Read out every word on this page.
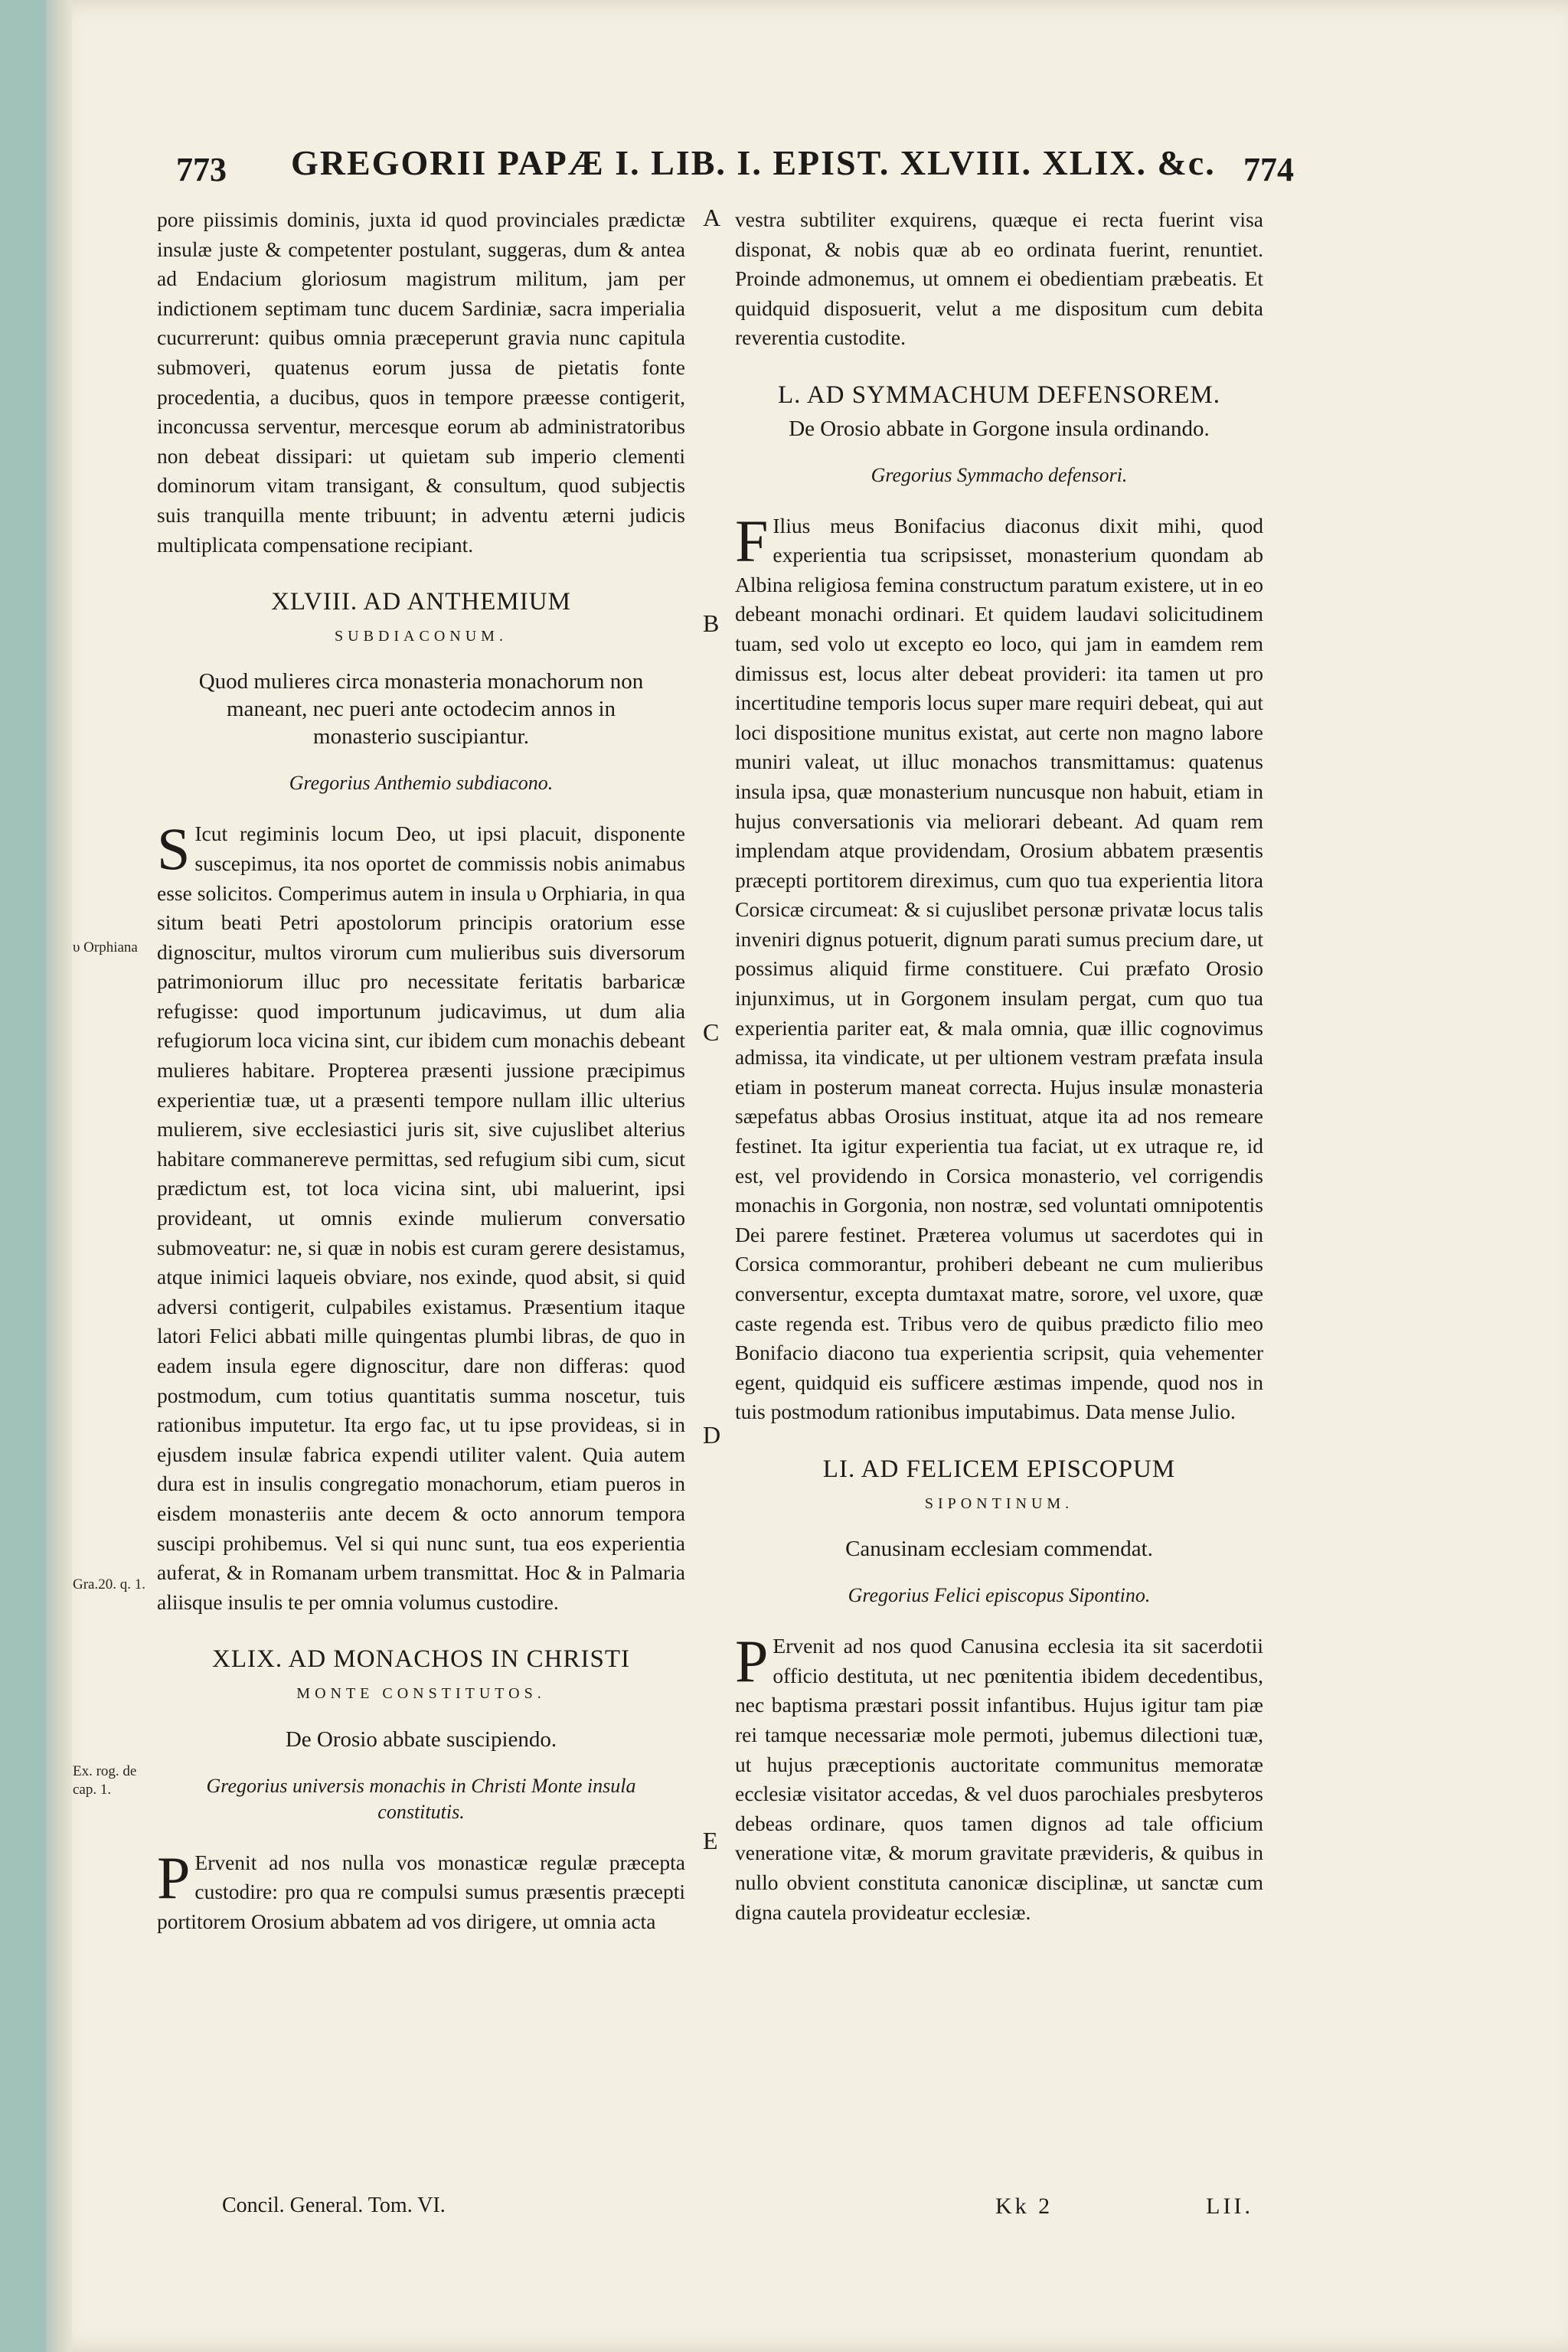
773 GREGORII PAPÆ I. LIB. I. EPIST. XLVIII. XLIX. &c. 774
υ Orphiana
Gra.20. q. 1.
Ex. rog. de cap. 1.
A
B
C
D
E

pore piissimis dominis, juxta id quod provinciales prædictæ insulæ juste & competenter postulant, suggeras, dum & antea ad Endacium gloriosum magistrum militum, jam per indictionem septimam tunc ducem Sardiniæ, sacra imperialia cucurrerunt: quibus omnia præceperunt gravia nunc capitula submoveri, quatenus eorum jussa de pietatis fonte procedentia, a ducibus, quos in tempore præesse contigerit, inconcussa serventur, mercesque eorum ab administratoribus non debeat dissipari: ut quietam sub imperio clementi dominorum vitam transigant, & consultum, quod subjectis suis tranquilla mente tribuunt; in adventu æterni judicis multiplicata compensatione recipiant.

XLVIII. AD ANTHEMIUM
SUBDIACONUM.
Quod mulieres circa monasteria monachorum non maneant, nec pueri ante octodecim annos in monasterio suscipiantur.
Gregorius Anthemio subdiacono.

S Icut regiminis locum Deo, ut ipsi placuit, disponente suscepimus, ita nos oportet de commissis nobis animabus esse solicitos. Comperimus autem in insula υ Orphiaria, in qua situm beati Petri apostolorum principis oratorium esse dignoscitur, multos virorum cum mulieribus suis diversorum patrimoniorum illuc pro necessitate feritatis barbaricæ refugisse: quod importunum judicavimus, ut dum alia refugiorum loca vicina sint, cur ibidem cum monachis debeant mulieres habitare. Propterea præsenti jussione præcipimus experientiæ tuæ, ut a præsenti tempore nullam illic ulterius mulierem, sive ecclesiastici juris sit, sive cujuslibet alterius habitare commanereve permittas, sed refugium sibi cum, sicut prædictum est, tot loca vicina sint, ubi maluerint, ipsi provideant, ut omnis exinde mulierum conversatio submoveatur: ne, si quæ in nobis est curam gerere desistamus, atque inimici laqueis obviare, nos exinde, quod absit, si quid adversi contigerit, culpabiles existamus. Præsentium itaque latori Felici abbati mille quingentas plumbi libras, de quo in eadem insula egere dignoscitur, dare non differas: quod postmodum, cum totius quantitatis summa noscetur, tuis rationibus imputetur. Ita ergo fac, ut tu ipse provideas, si in ejusdem insulæ fabrica expendi utiliter valent. Quia autem dura est in insulis congregatio monachorum, etiam pueros in eisdem monasteriis ante decem & octo annorum tempora suscipi prohibemus. Vel si qui nunc sunt, tua eos experientia auferat, & in Romanam urbem transmittat. Hoc & in Palmaria aliisque insulis te per omnia volumus custodire.

XLIX. AD MONACHOS IN CHRISTI
MONTE CONSTITUTOS.
De Orosio abbate suscipiendo.
Gregorius universis monachis in Christi Monte insula constitutis.

P Ervenit ad nos nulla vos monasticæ regulæ præcepta custodire: pro qua re compulsi sumus præsentis præcepti portitorem Orosium abbatem ad vos dirigere, ut omnia acta

vestra subtiliter exquirens, quæque ei recta fuerint visa disponat, & nobis quæ ab eo ordinata fuerint, renuntiet. Proinde admonemus, ut omnem ei obedientiam præbeatis. Et quidquid disposuerit, velut a me dispositum cum debita reverentia custodite.

L. AD SYMMACHUM DEFENSOREM.
De Orosio abbate in Gorgone insula ordinando.
Gregorius Symmacho defensori.

F Ilius meus Bonifacius diaconus dixit mihi, quod experientia tua scripsisset, monasterium quondam ab Albina religiosa femina constructum paratum existere, ut in eo debeant monachi ordinari. Et quidem laudavi solicitudinem tuam, sed volo ut excepto eo loco, qui jam in eamdem rem dimissus est, locus alter debeat provideri: ita tamen ut pro incertitudine temporis locus super mare requiri debeat, qui aut loci dispositione munitus existat, aut certe non magno labore muniri valeat, ut illuc monachos transmittamus: quatenus insula ipsa, quæ monasterium nuncusque non habuit, etiam in hujus conversationis via meliorari debeant. Ad quam rem implendam atque providendam, Orosium abbatem præsentis præcepti portitorem direximus, cum quo tua experientia litora Corsicæ circumeat: & si cujuslibet personæ privatæ locus talis inveniri dignus potuerit, dignum parati sumus precium dare, ut possimus aliquid firme constituere. Cui præfato Orosio injunximus, ut in Gorgonem insulam pergat, cum quo tua experientia pariter eat, & mala omnia, quæ illic cognovimus admissa, ita vindicate, ut per ultionem vestram præfata insula etiam in posterum maneat correcta. Hujus insulæ monasteria sæpefatus abbas Orosius instituat, atque ita ad nos remeare festinet. Ita igitur experientia tua faciat, ut ex utraque re, id est, vel providendo in Corsica monasterio, vel corrigendis monachis in Gorgonia, non nostræ, sed voluntati omnipotentis Dei parere festinet. Præterea volumus ut sacerdotes qui in Corsica commorantur, prohiberi debeant ne cum mulieribus conversentur, excepta dumtaxat matre, sorore, vel uxore, quæ caste regenda est. Tribus vero de quibus prædicto filio meo Bonifacio diacono tua experientia scripsit, quia vehementer egent, quidquid eis sufficere æstimas impende, quod nos in tuis postmodum rationibus imputabimus. Data mense Julio.

LI. AD FELICEM EPISCOPUM
SIPONTINUM.
Canusinam ecclesiam commendat.
Gregorius Felici episcopus Sipontino.

P Ervenit ad nos quod Canusina ecclesia ita sit sacerdotii officio destituta, ut nec pœnitentia ibidem decedentibus, nec baptisma præstari possit infantibus. Hujus igitur tam piæ rei tamque necessariæ mole permoti, jubemus dilectioni tuæ, ut hujus præceptionis auctoritate communitus memoratæ ecclesiæ visitator accedas, & vel duos parochiales presbyteros debeas ordinare, quos tamen dignos ad tale officium veneratione vitæ, & morum gravitate prævideris, & quibus in nullo obvient constituta canonicæ disciplinæ, ut sanctæ cum digna cautela provideatur ecclesiæ.

Concil. General. Tom. VI.	Kk 2	LII.
